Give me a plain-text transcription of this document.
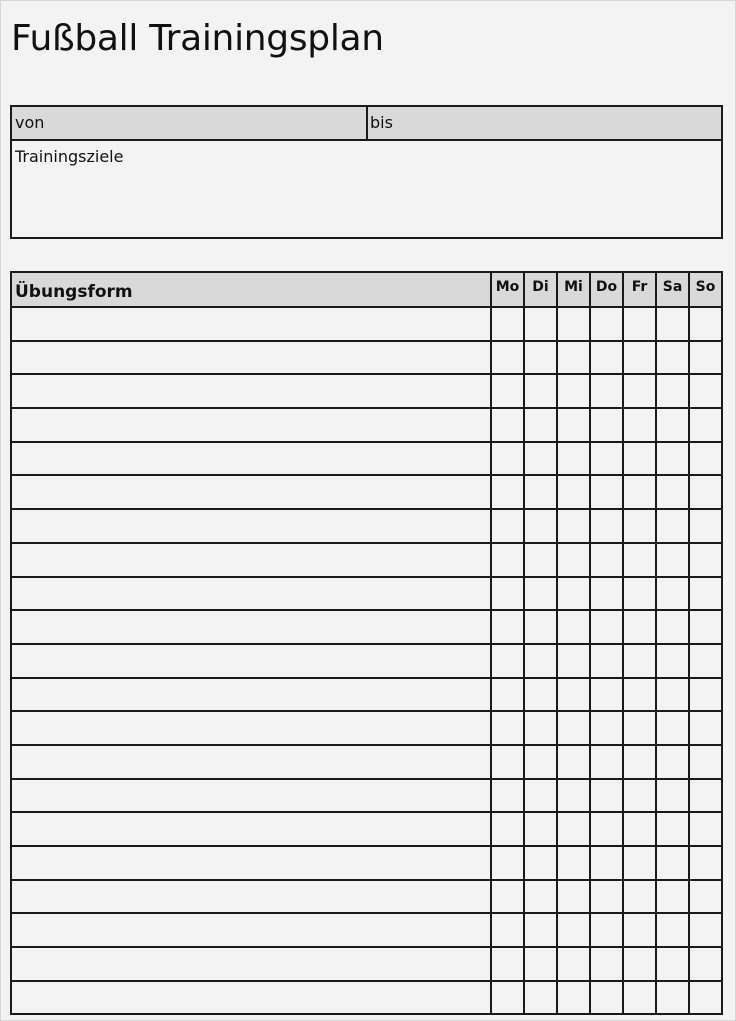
Fußball Trainingsplan
von	bis
Trainingsziele
Übungsform	Mo	Di	Mi	Do	Fr	Sa	So
